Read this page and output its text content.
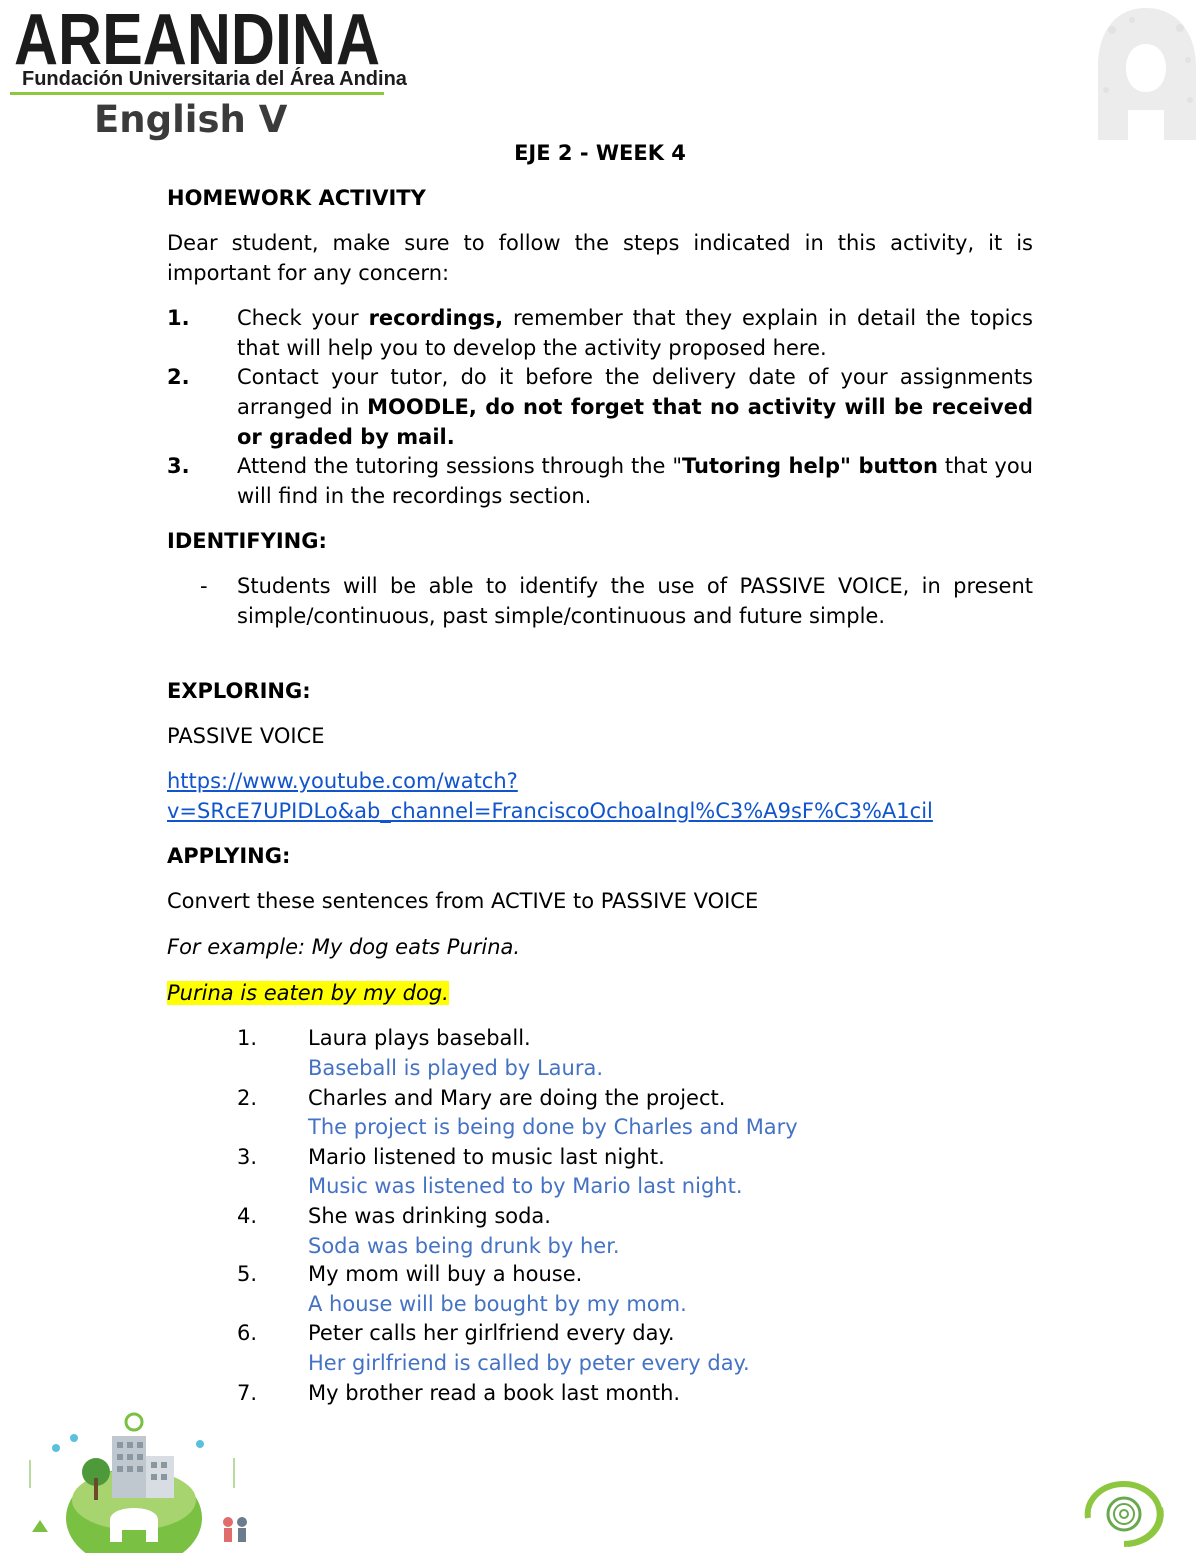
AREANDINA
Fundación Universitaria del Área Andina
English V
EJE 2 - WEEK 4
HOMEWORK ACTIVITY
Dear student, make sure to follow the steps indicated in this activity, it is important for any concern:
1.	Check your recordings, remember that they explain in detail the topics that will help you to develop the activity proposed here.
2.	Contact your tutor, do it before the delivery date of your assignments arranged in MOODLE, do not forget that no activity will be received or graded by mail.
3.	Attend the tutoring sessions through the "Tutoring help" button that you will find in the recordings section.
IDENTIFYING:
- Students will be able to identify the use of PASSIVE VOICE, in present simple/continuous, past simple/continuous and future simple.
EXPLORING:
PASSIVE VOICE
https://www.youtube.com/watch?
v=SRcE7UPIDLo&ab_channel=FranciscoOchoaIngl%C3%A9sF%C3%A1cil
APPLYING:
Convert these sentences from ACTIVE to PASSIVE VOICE
For example: My dog eats Purina.
Purina is eaten by my dog.
1.	Laura plays baseball.
Baseball is played by Laura.
2.	Charles and Mary are doing the project.
The project is being done by Charles and Mary
3.	Mario listened to music last night.
Music was listened to by Mario last night.
4.	She was drinking soda.
Soda was being drunk by her.
5.	My mom will buy a house.
A house will be bought by my mom.
6.	Peter calls her girlfriend every day.
Her girlfriend is called by peter every day.
7.	My brother read a book last month.
